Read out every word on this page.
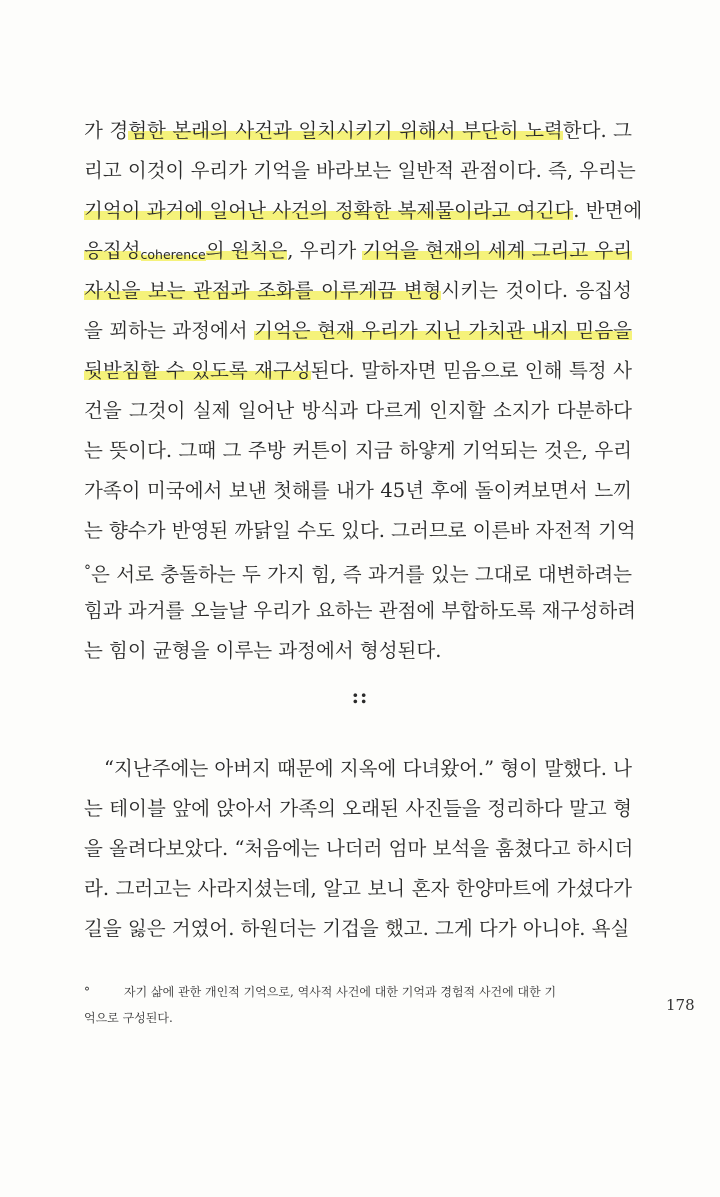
가 경험한 본래의 사건과 일치시키기 위해서 부단히 노력한다. 그
리고 이것이 우리가 기억을 바라보는 일반적 관점이다. 즉, 우리는
기억이 과거에 일어난 사건의 정확한 복제물이라고 여긴다. 반면에
응집성coherence의 원칙은, 우리가 기억을 현재의 세계 그리고 우리
자신을 보는 관점과 조화를 이루게끔 변형시키는 것이다. 응집성
을 꾀하는 과정에서 기억은 현재 우리가 지닌 가치관 내지 믿음을
뒷받침할 수 있도록 재구성된다. 말하자면 믿음으로 인해 특정 사
건을 그것이 실제 일어난 방식과 다르게 인지할 소지가 다분하다
는 뜻이다. 그때 그 주방 커튼이 지금 하얗게 기억되는 것은, 우리
가족이 미국에서 보낸 첫해를 내가 45년 후에 돌이켜보면서 느끼
는 향수가 반영된 까닭일 수도 있다. 그러므로 이른바 자전적 기억
°은 서로 충돌하는 두 가지 힘, 즉 과거를 있는 그대로 대변하려는
힘과 과거를 오늘날 우리가 요하는 관점에 부합하도록 재구성하려
는 힘이 균형을 이루는 과정에서 형성된다.
::
“지난주에는 아버지 때문에 지옥에 다녀왔어.” 형이 말했다. 나
는 테이블 앞에 앉아서 가족의 오래된 사진들을 정리하다 말고 형
을 올려다보았다. “처음에는 나더러 엄마 보석을 훔쳤다고 하시더
라. 그러고는 사라지셨는데, 알고 보니 혼자 한양마트에 가셨다가
길을 잃은 거였어. 하원더는 기겁을 했고. 그게 다가 아니야. 욕실
°	자기 삶에 관한 개인적 기억으로, 역사적 사건에 대한 기억과 경험적 사건에 대한 기
억으로 구성된다.
178
